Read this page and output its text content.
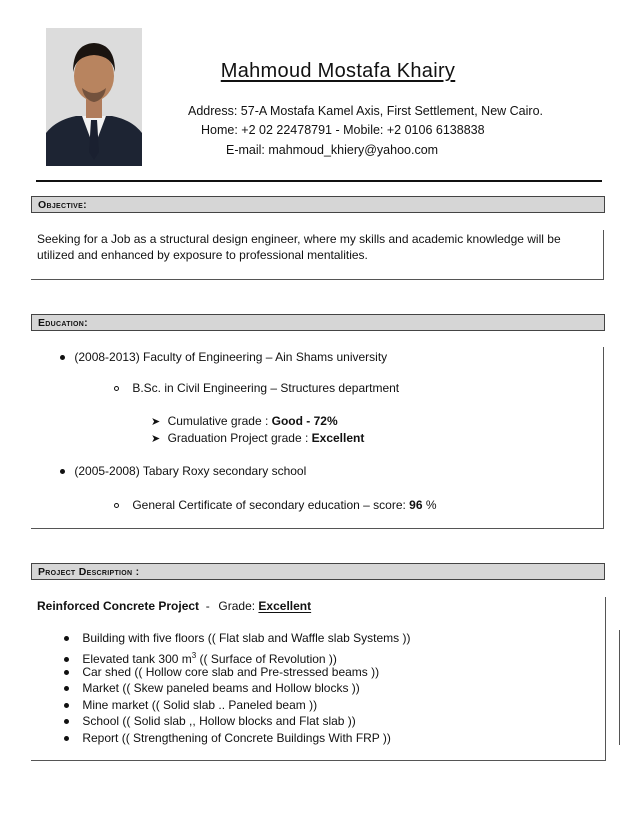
Mahmoud Mostafa Khairy
Address: 57-A Mostafa Kamel Axis, First Settlement, New Cairo.
Home: +2 02 22478791 - Mobile: +2 0106 6138838
E-mail: mahmoud_khiery@yahoo.com
Objective:
Seeking for a Job as a structural design engineer, where my skills and academic knowledge will be
utilized and enhanced by exposure to professional mentalities.
Education:
(2008-2013) Faculty of Engineering – Ain Shams university
B.Sc. in Civil Engineering – Structures department
➤ Cumulative grade : Good - 72%
➤ Graduation Project grade : Excellent
(2005-2008) Tabary Roxy secondary school
General Certificate of secondary education – score: 96 %
Project Description :
Reinforced Concrete Project  -  Grade: Excellent
Building with five floors (( Flat slab and Waffle slab Systems ))
Elevated tank 300 $m^3$ (( Surface of Revolution ))
Car shed (( Hollow core slab and Pre-stressed beams ))
Market (( Skew paneled beams and Hollow blocks ))
Mine market (( Solid slab .. Paneled beam ))
School (( Solid slab ,, Hollow blocks and Flat slab ))
Report (( Strengthening of Concrete Buildings With FRP ))
